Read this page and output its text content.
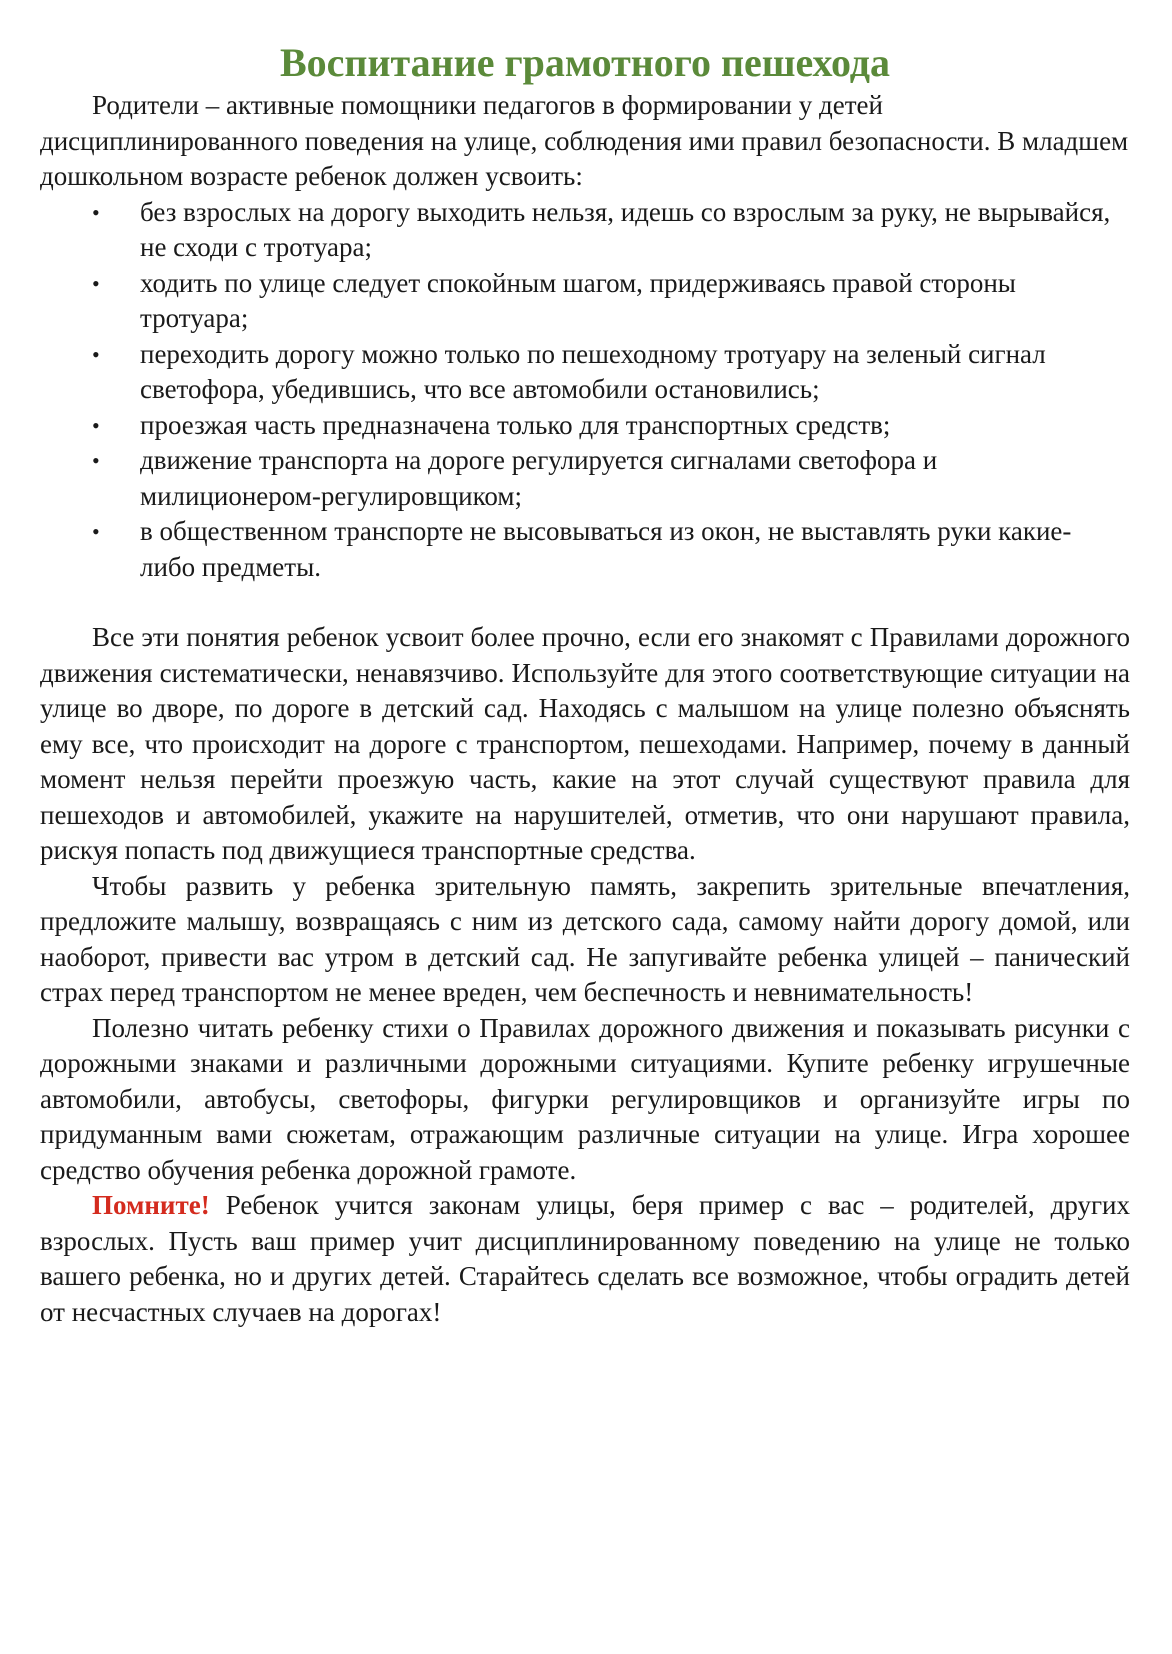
Воспитание грамотного пешехода

Родители – активные помощники педагогов в формировании у детей дисциплинированного поведения на улице, соблюдения ими правил безопасности. В младшем дошкольном возрасте ребенок должен усвоить:

• без взрослых на дорогу выходить нельзя, идешь со взрослым за руку, не вырывайся, не сходи с тротуара;
• ходить по улице следует спокойным шагом, придерживаясь правой стороны тротуара;
• переходить дорогу можно только по пешеходному тротуару на зеленый сигнал светофора, убедившись, что все автомобили остановились;
• проезжая часть предназначена только для транспортных средств;
• движение транспорта на дороге регулируется сигналами светофора и милиционером-регулировщиком;
• в общественном транспорте не высовываться из окон, не выставлять руки какие-либо предметы.

Все эти понятия ребенок усвоит более прочно, если его знакомят с Правилами дорожного движения систематически, ненавязчиво. Используйте для этого соответствующие ситуации на улице во дворе, по дороге в детский сад. Находясь с малышом на улице полезно объяснять ему все, что происходит на дороге с транспортом, пешеходами. Например, почему в данный момент нельзя перейти проезжую часть, какие на этот случай существуют правила для пешеходов и автомобилей, укажите на нарушителей, отметив, что они нарушают правила, рискуя попасть под движущиеся транспортные средства.

Чтобы развить у ребенка зрительную память, закрепить зрительные впечатления, предложите малышу, возвращаясь с ним из детского сада, самому найти дорогу домой, или наоборот, привести вас утром в детский сад. Не запугивайте ребенка улицей – панический страх перед транспортом не менее вреден, чем беспечность и невнимательность!

Полезно читать ребенку стихи о Правилах дорожного движения и показывать рисунки с дорожными знаками и различными дорожными ситуациями. Купите ребенку игрушечные автомобили, автобусы, светофоры, фигурки регулировщиков и организуйте игры по придуманным вами сюжетам, отражающим различные ситуации на улице. Игра хорошее средство обучения ребенка дорожной грамоте.

Помните! Ребенок учится законам улицы, беря пример с вас – родителей, других взрослых. Пусть ваш пример учит дисциплинированному поведению на улице не только вашего ребенка, но и других детей. Старайтесь сделать все возможное, чтобы оградить детей от несчастных случаев на дорогах!
